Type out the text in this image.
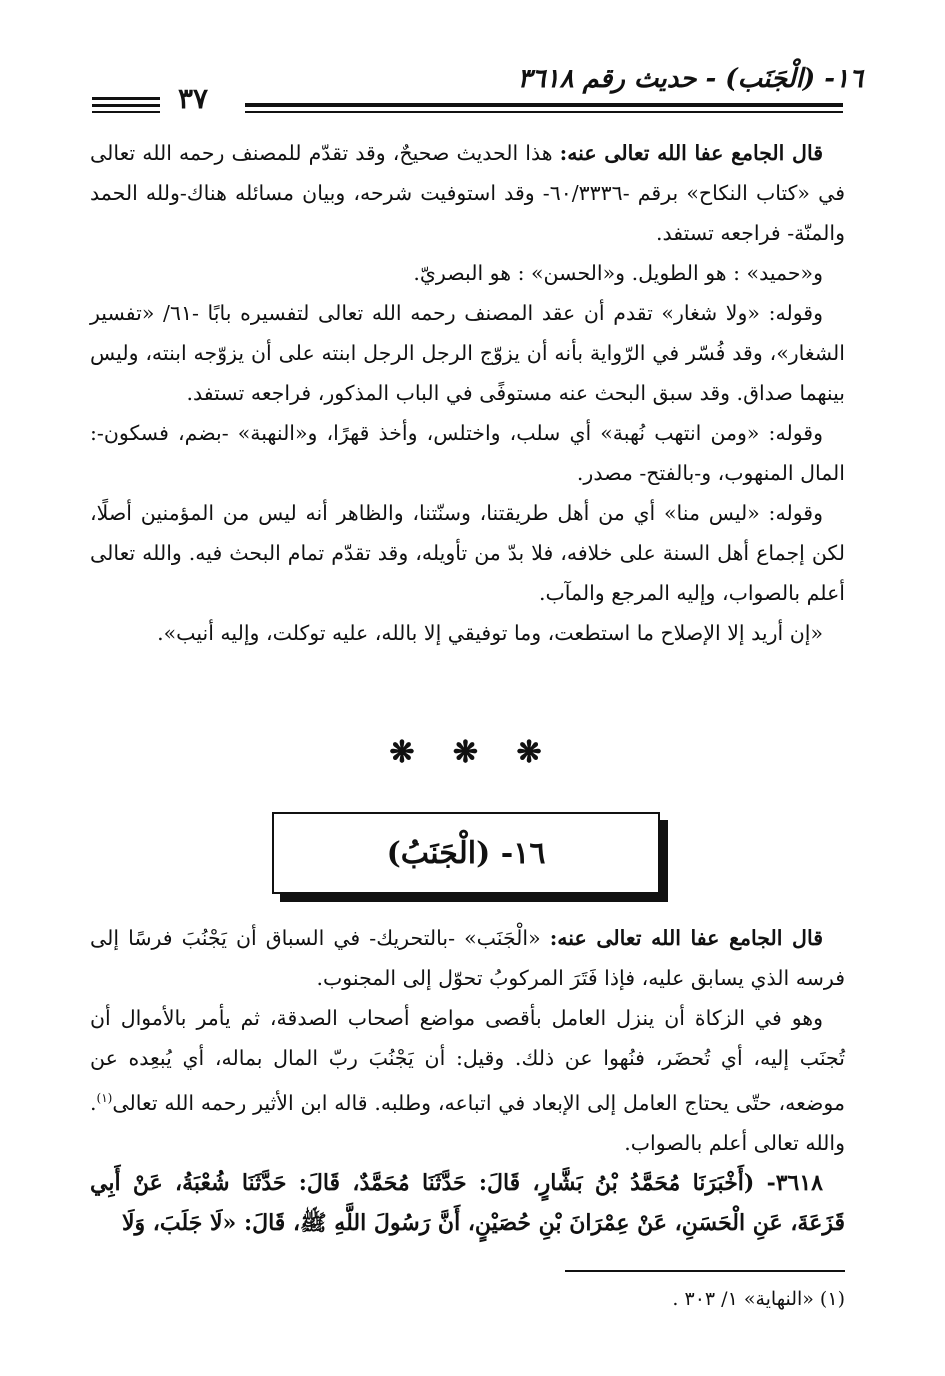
١٦- (الْجَنَب) - حديث رقم ٣٦١٨
٣٧

قال الجامع عفا الله تعالى عنه: هذا الحديث صحيحٌ، وقد تقدّم للمصنف رحمه الله تعالى في «كتاب النكاح» برقم -٦٠/٣٣٣٦- وقد استوفيت شرحه، وبيان مسائله هناك-ولله الحمد والمنّة- فراجعه تستفد.

و«حميد» : هو الطويل. و«الحسن» : هو البصريّ.

وقوله: «ولا شغار» تقدم أن عقد المصنف رحمه الله تعالى لتفسيره بابًا -٦١/ «تفسير الشغار»، وقد فُسّر في الرّواية بأنه أن يزوّج الرجل الرجل ابنته على أن يزوّجه ابنته، وليس بينهما صداق. وقد سبق البحث عنه مستوفًى في الباب المذكور، فراجعه تستفد.

وقوله: «ومن انتهب نُهبة» أي سلب، واختلس، وأخذ قهرًا، و«النهبة» -بضم، فسكون-: المال المنهوب، و-بالفتح- مصدر.

وقوله: «ليس منا» أي من أهل طريقتنا، وسنّتنا، والظاهر أنه ليس من المؤمنين أصلًا، لكن إجماع أهل السنة على خلافه، فلا بدّ من تأويله، وقد تقدّم تمام البحث فيه. والله تعالى أعلم بالصواب، وإليه المرجع والمآب.

«إن أريد إلا الإصلاح ما استطعت، وما توفيقي إلا بالله، عليه توكلت، وإليه أنيب».

❋ ❋ ❋
١٦- (الْجَنَبُ)

قال الجامع عفا الله تعالى عنه: «الْجَنَب» -بالتحريك- في السباق أن يَجْنُبَ فرسًا إلى فرسه الذي يسابق عليه، فإذا فَتَرَ المركوبُ تحوّل إلى المجنوب.

وهو في الزكاة أن ينزل العامل بأقصى مواضع أصحاب الصدقة، ثم يأمر بالأموال أن تُجنَب إليه، أي تُحضَر، فنُهوا عن ذلك. وقيل: أن يَجْنُبَ ربّ المال بماله، أي يُبعِده عن موضعه، حتّى يحتاج العامل إلى الإبعاد في اتباعه، وطلبه. قاله ابن الأثير رحمه الله تعالى$^{(١)}$. والله تعالى أعلم بالصواب.

٣٦١٨- (أَخْبَرَنَا مُحَمَّدُ بْنُ بَشَّارٍ، قَالَ: حَدَّثَنَا مُحَمَّدٌ، قَالَ: حَدَّثَنَا شُعْبَةُ، عَنْ أَبِي قَزَعَةَ، عَنِ الْحَسَنِ، عَنْ عِمْرَانَ بْنِ حُصَيْنٍ، أَنَّ رَسُولَ اللَّهِ ﷺ، قَالَ: «لَا جَلَبَ، وَلَا

(١) «النهاية» ١/ ٣٠٣ .
